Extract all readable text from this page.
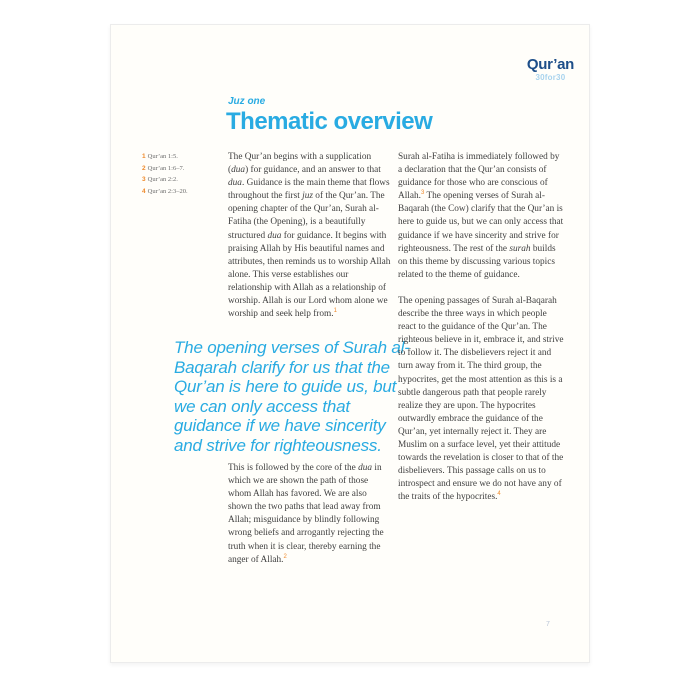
Qur’an
30for30
Juz one
Thematic overview
1 Qur’an 1:5.
2 Qur’an 1:6–7.
3 Qur’an 2:2.
4 Qur’an 2:3–20.
The Qur’an begins with a supplication (dua) for guidance, and an answer to that dua. Guidance is the main theme that flows throughout the first juz of the Qur’an. The opening chapter of the Qur’an, Surah al-Fatiha (the Opening), is a beautifully structured dua for guidance. It begins with praising Allah by His beautiful names and attributes, then reminds us to worship Allah alone. This verse establishes our relationship with Allah as a relationship of worship. Allah is our Lord whom alone we worship and seek help from.$^1$
The opening verses of Surah al-Baqarah clarify for us that the Qur’an is here to guide us, but we can only access that guidance if we have sincerity and strive for righteousness.
This is followed by the core of the dua in which we are shown the path of those whom Allah has favored. We are also shown the two paths that lead away from Allah; misguidance by blindly following wrong beliefs and arrogantly rejecting the truth when it is clear, thereby earning the anger of Allah.$^2$
Surah al-Fatiha is immediately followed by a declaration that the Qur’an consists of guidance for those who are conscious of Allah.$^3$ The opening verses of Surah al-Baqarah (the Cow) clarify that the Qur’an is here to guide us, but we can only access that guidance if we have sincerity and strive for righteousness. The rest of the surah builds on this theme by discussing various topics related to the theme of guidance.
The opening passages of Surah al-Baqarah describe the three ways in which people react to the guidance of the Qur’an. The righteous believe in it, embrace it, and strive to follow it. The disbelievers reject it and turn away from it. The third group, the hypocrites, get the most attention as this is a subtle dangerous path that people rarely realize they are upon. The hypocrites outwardly embrace the guidance of the Qur’an, yet internally reject it. They are Muslim on a surface level, yet their attitude towards the revelation is closer to that of the disbelievers. This passage calls on us to introspect and ensure we do not have any of the traits of the hypocrites.$^4$
7
